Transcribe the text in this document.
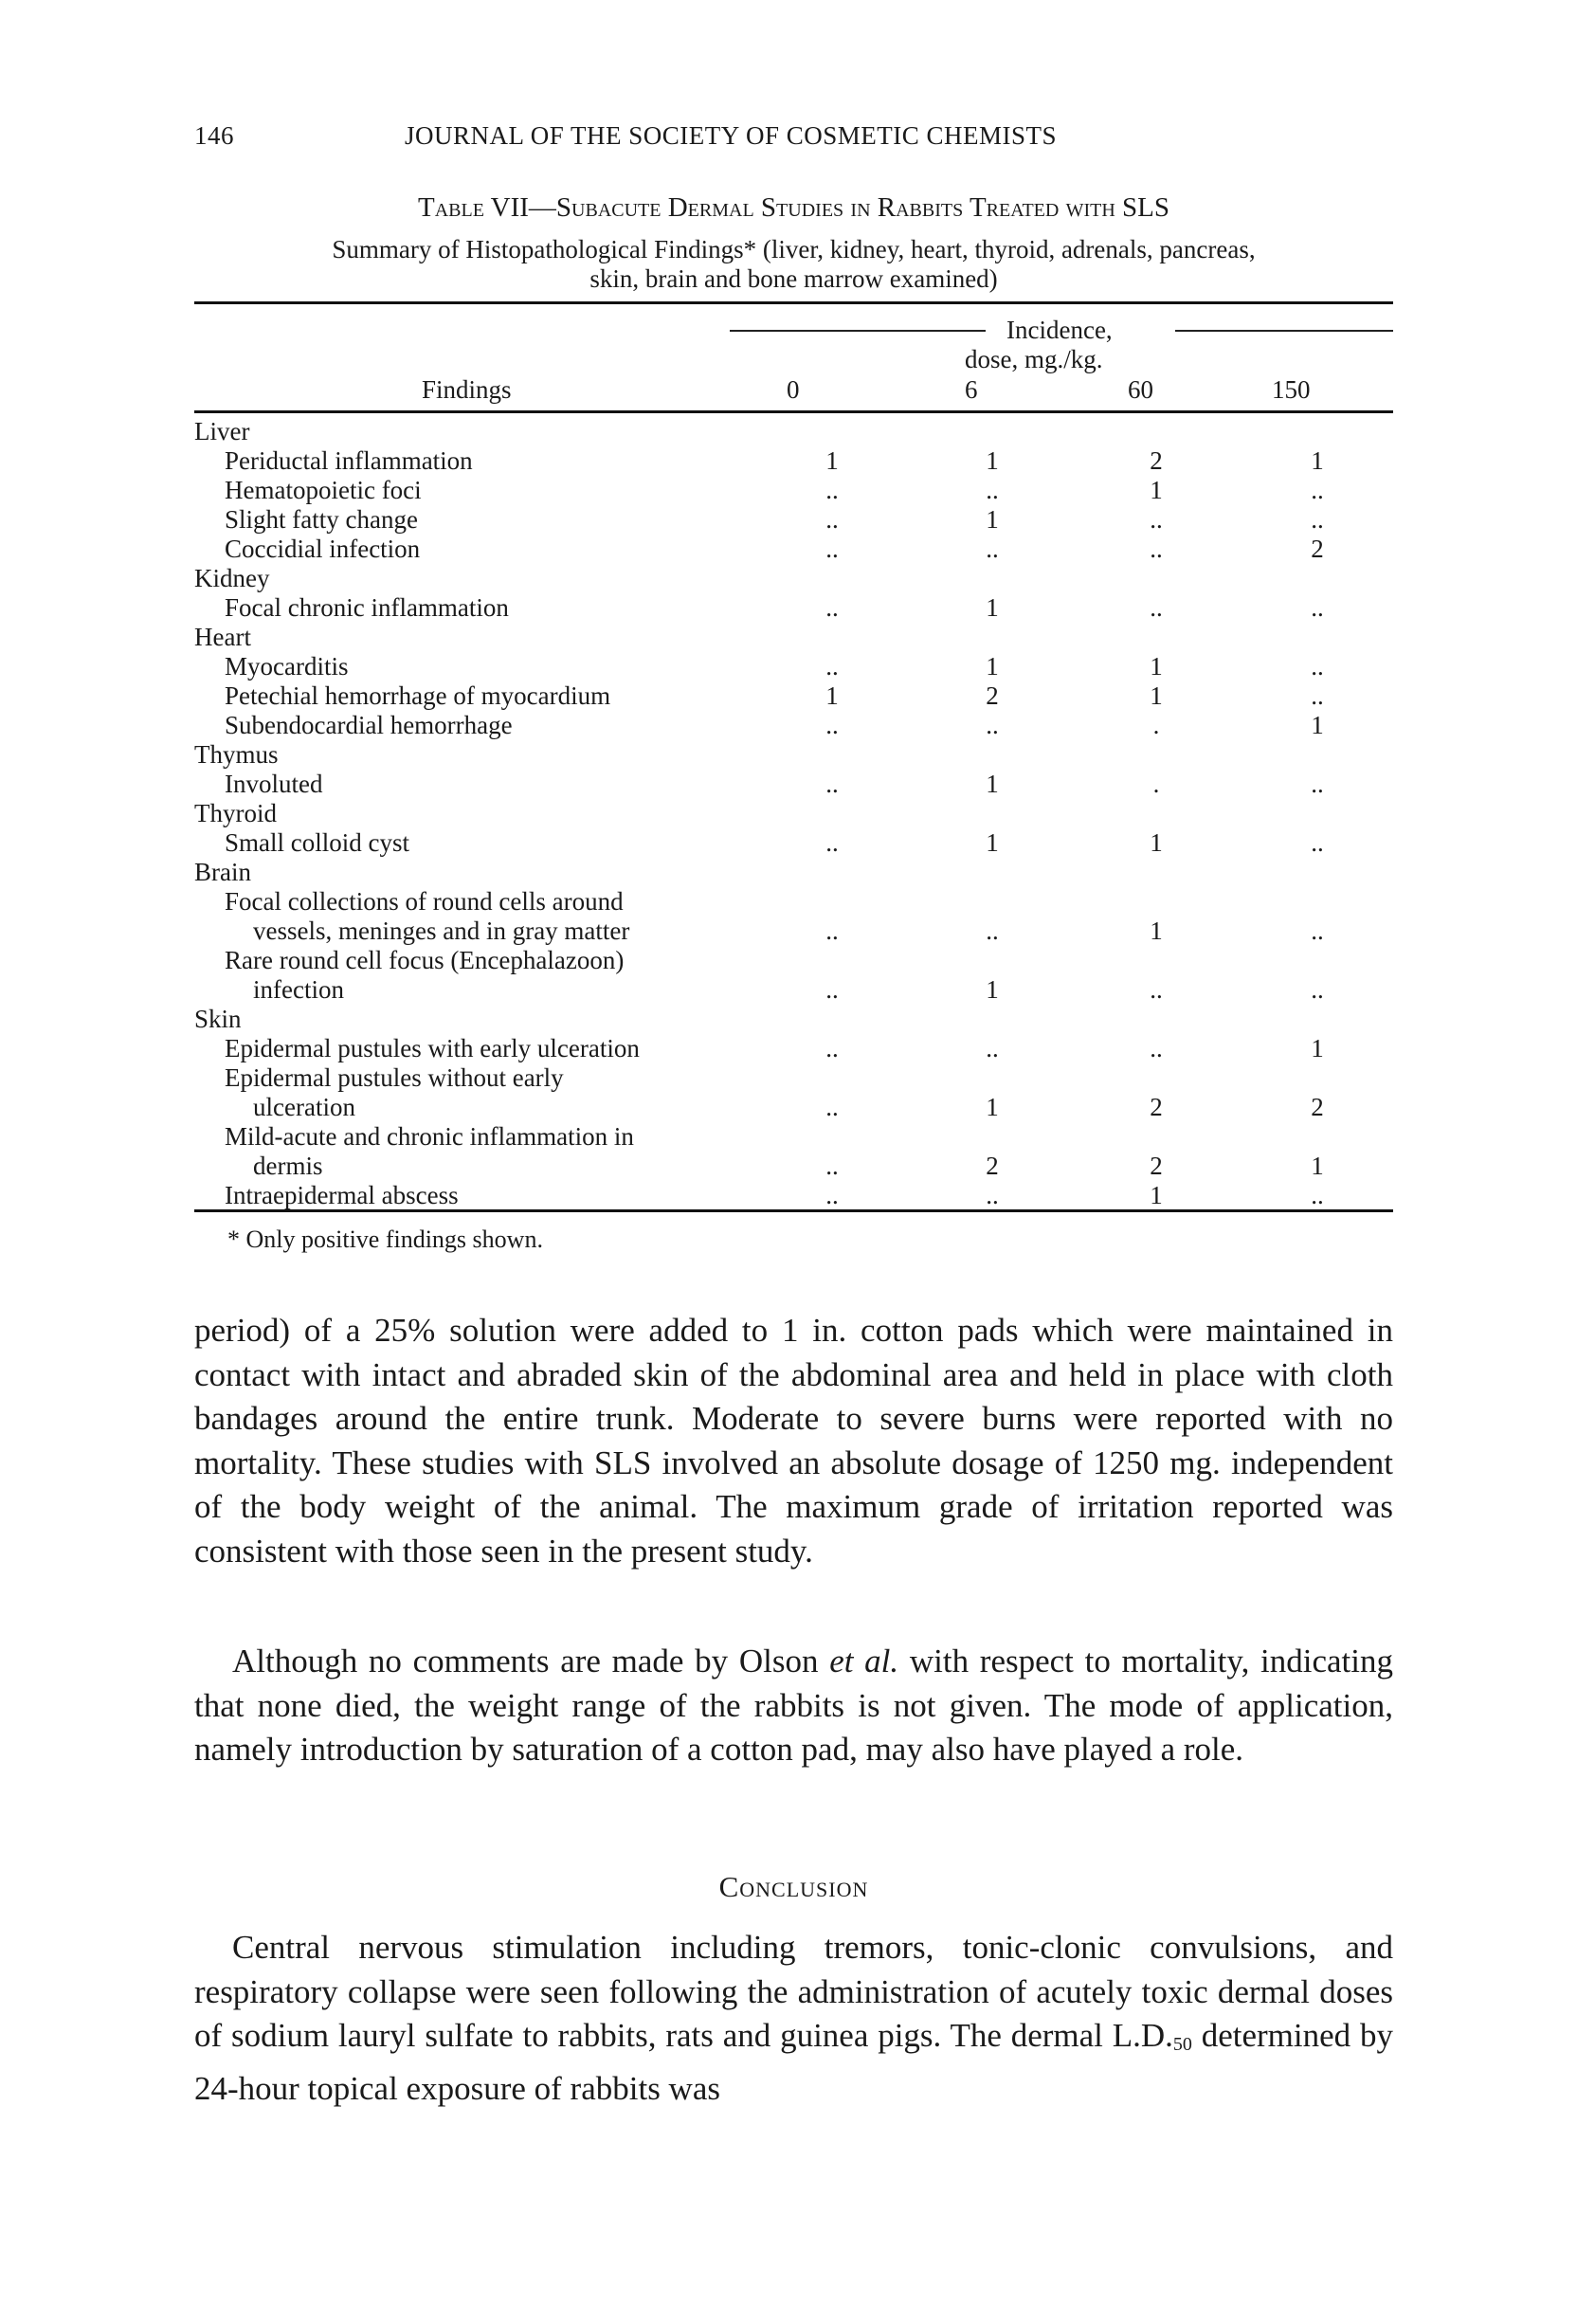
146	JOURNAL OF THE SOCIETY OF COSMETIC CHEMISTS
Table VII—Subacute Dermal Studies in Rabbits Treated with SLS
Summary of Histopathological Findings* (liver, kidney, heart, thyroid, adrenals, pancreas,
skin, brain and bone marrow examined)
Incidence,
dose, mg./kg.
Findings	0	6	60	150
Liver
Periductal inflammation	1	1	2	1
Hematopoietic foci	..	..	1	..
Slight fatty change	..	1	..	..
Coccidial infection	..	..	..	2
Kidney
Focal chronic inflammation	..	1	..	..
Heart
Myocarditis	..	1	1	..
Petechial hemorrhage of myocardium	1	2	1	..
Subendocardial hemorrhage	..	..	.	1
Thymus
Involuted	..	1	.	..
Thyroid
Small colloid cyst	..	1	1	..
Brain
Focal collections of round cells around
vessels, meninges and in gray matter	..	..	1	..
Rare round cell focus (Encephalazoon)
infection	..	1	..	..
Skin
Epidermal pustules with early ulceration	..	..	..	1
Epidermal pustules without early
ulceration	..	1	2	2
Mild-acute and chronic inflammation in
dermis	..	2	2	1
Intraepidermal abscess	..	..	1	..
* Only positive findings shown.
period) of a 25% solution were added to 1 in. cotton pads which were maintained in contact with intact and abraded skin of the abdominal area and held in place with cloth bandages around the entire trunk. Moderate to severe burns were reported with no mortality. These studies with SLS involved an absolute dosage of 1250 mg. independent of the body weight of the animal. The maximum grade of irritation reported was consistent with those seen in the present study.
Although no comments are made by Olson et al. with respect to mortality, indicating that none died, the weight range of the rabbits is not given. The mode of application, namely introduction by saturation of a cotton pad, may also have played a role.
Conclusion
Central nervous stimulation including tremors, tonic-clonic convulsions, and respiratory collapse were seen following the administration of acutely toxic dermal doses of sodium lauryl sulfate to rabbits, rats and guinea pigs. The dermal $L.D._{50}$ determined by 24-hour topical exposure of rabbits was
